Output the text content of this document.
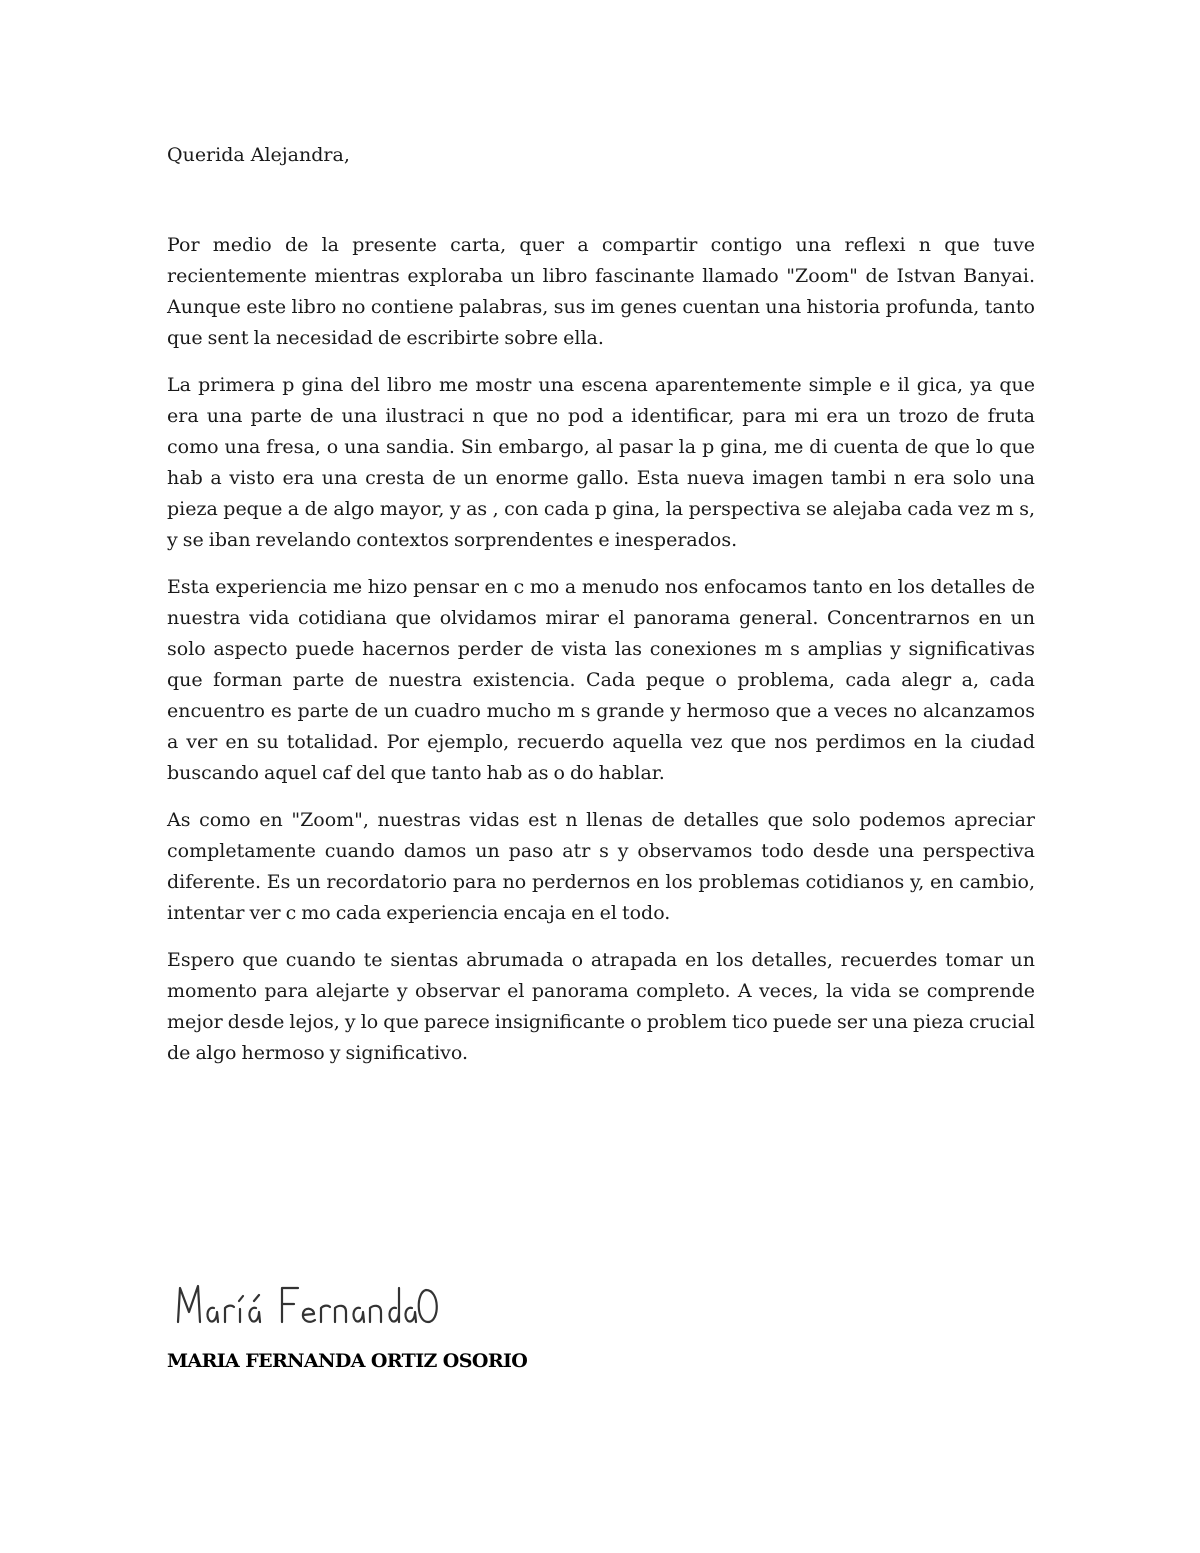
Querida Alejandra,

Por medio de la presente carta, quer a compartir contigo una reflexi n que tuve recientemente mientras exploraba un libro fascinante llamado "Zoom" de Istvan Banyai. Aunque este libro no contiene palabras, sus im genes cuentan una historia profunda, tanto que sent la necesidad de escribirte sobre ella.

La primera p gina del libro me mostr una escena aparentemente simple e il gica, ya que era una parte de una ilustraci n que no pod a identificar, para mi era un trozo de fruta como una fresa, o una sandia. Sin embargo, al pasar la p gina, me di cuenta de que lo que hab a visto era una cresta de un enorme gallo. Esta nueva imagen tambi n era solo una pieza peque a de algo mayor, y as , con cada p gina, la perspectiva se alejaba cada vez m s, y se iban revelando contextos sorprendentes e inesperados.

Esta experiencia me hizo pensar en c mo a menudo nos enfocamos tanto en los detalles de nuestra vida cotidiana que olvidamos mirar el panorama general. Concentrarnos en un solo aspecto puede hacernos perder de vista las conexiones m s amplias y significativas que forman parte de nuestra existencia. Cada peque o problema, cada alegr a, cada encuentro es parte de un cuadro mucho m s grande y hermoso que a veces no alcanzamos a ver en su totalidad. Por ejemplo, recuerdo aquella vez que nos perdimos en la ciudad buscando aquel caf del que tanto hab as o do hablar.

As como en "Zoom", nuestras vidas est n llenas de detalles que solo podemos apreciar completamente cuando damos un paso atr s y observamos todo desde una perspectiva diferente. Es un recordatorio para no perdernos en los problemas cotidianos y, en cambio, intentar ver c mo cada experiencia encaja en el todo.

Espero que cuando te sientas abrumada o atrapada en los detalles, recuerdes tomar un momento para alejarte y observar el panorama completo. A veces, la vida se comprende mejor desde lejos, y lo que parece insignificante o problem tico puede ser una pieza crucial de algo hermoso y significativo.

MARIA FERNANDA ORTIZ OSORIO
